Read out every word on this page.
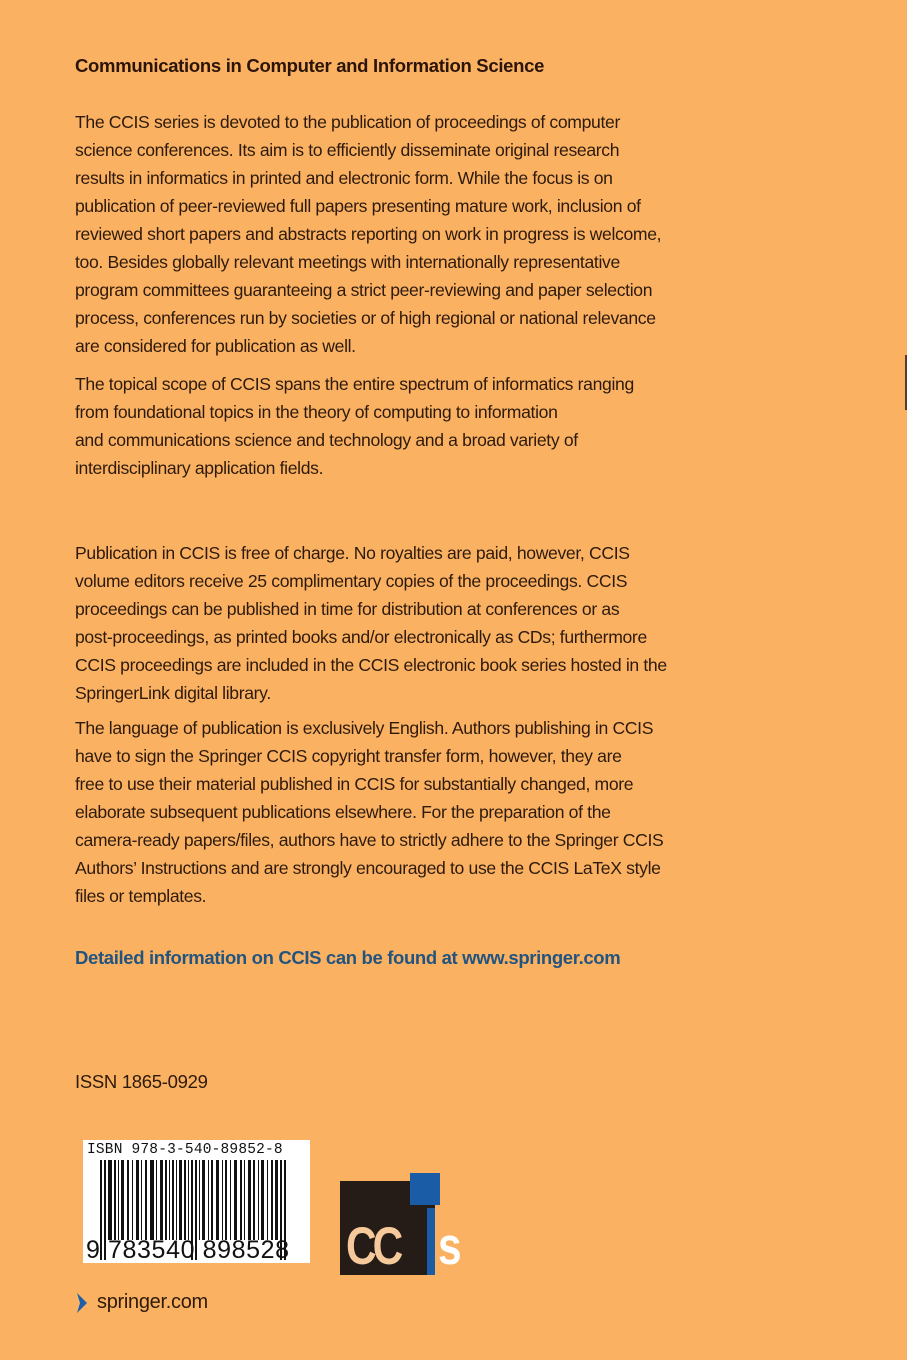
Communications in Computer and Information Science
The CCIS series is devoted to the publication of proceedings of computer
science conferences. Its aim is to efficiently disseminate original research
results in informatics in printed and electronic form. While the focus is on
publication of peer-reviewed full papers presenting mature work, inclusion of
reviewed short papers and abstracts reporting on work in progress is welcome,
too. Besides globally relevant meetings with internationally representative
program committees guaranteeing a strict peer-reviewing and paper selection
process, conferences run by societies or of high regional or national relevance
are considered for publication as well.
The topical scope of CCIS spans the entire spectrum of informatics ranging
from foundational topics in the theory of computing to information
and communications science and technology and a broad variety of
interdisciplinary application fields.
Publication in CCIS is free of charge. No royalties are paid, however, CCIS
volume editors receive 25 complimentary copies of the proceedings. CCIS
proceedings can be published in time for distribution at conferences or as
post-proceedings, as printed books and/or electronically as CDs; furthermore
CCIS proceedings are included in the CCIS electronic book series hosted in the
SpringerLink digital library.
The language of publication is exclusively English. Authors publishing in CCIS
have to sign the Springer CCIS copyright transfer form, however, they are
free to use their material published in CCIS for substantially changed, more
elaborate subsequent publications elsewhere. For the preparation of the
camera-ready papers/files, authors have to strictly adhere to the Springer CCIS
Authors’ Instructions and are strongly encouraged to use the CCIS LaTeX style
files or templates.
Detailed information on CCIS can be found at www.springer.com
ISSN 1865-0929
ISBN 978-3-540-89852-8
9 783540 898528 CC s
springer.com
